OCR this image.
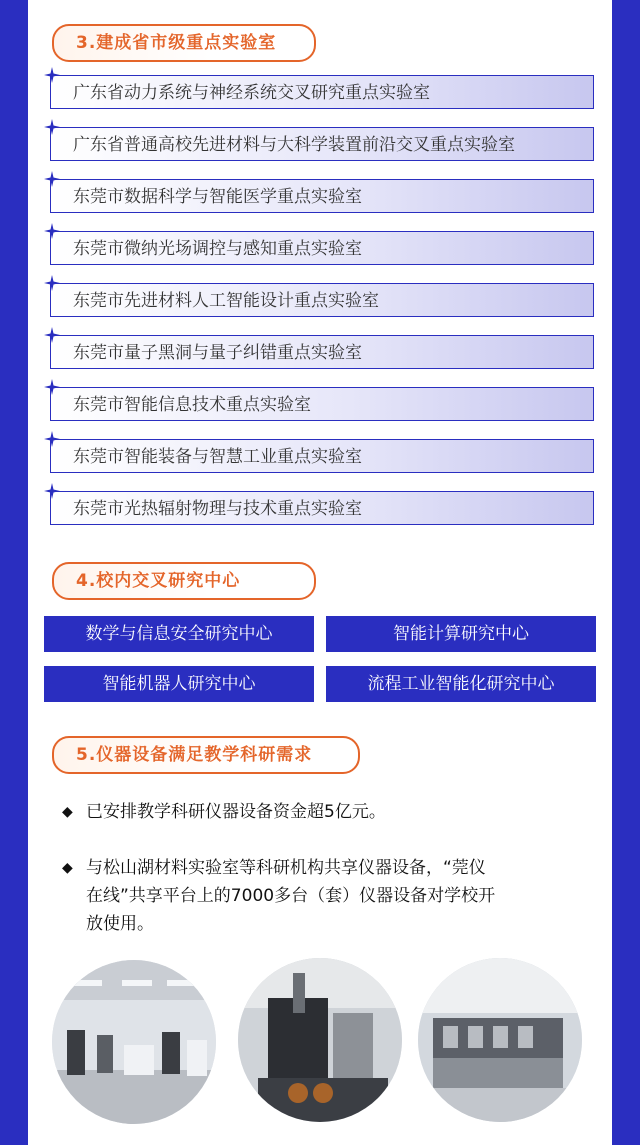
3.建成省市级重点实验室
广东省动力系统与神经系统交叉研究重点实验室
广东省普通高校先进材料与大科学装置前沿交叉重点实验室
东莞市数据科学与智能医学重点实验室
东莞市微纳光场调控与感知重点实验室
东莞市先进材料人工智能设计重点实验室
东莞市量子黑洞与量子纠错重点实验室
东莞市智能信息技术重点实验室
东莞市智能装备与智慧工业重点实验室
东莞市光热辐射物理与技术重点实验室
4.校内交叉研究中心
数学与信息安全研究中心	智能计算研究中心
智能机器人研究中心	流程工业智能化研究中心
5.仪器设备满足教学科研需求
◆ 已安排教学科研仪器设备资金超5亿元。
◆ 与松山湖材料实验室等科研机构共享仪器设备，“莞仪
在线”共享平台上的7000多台（套）仪器设备对学校开
放使用。
